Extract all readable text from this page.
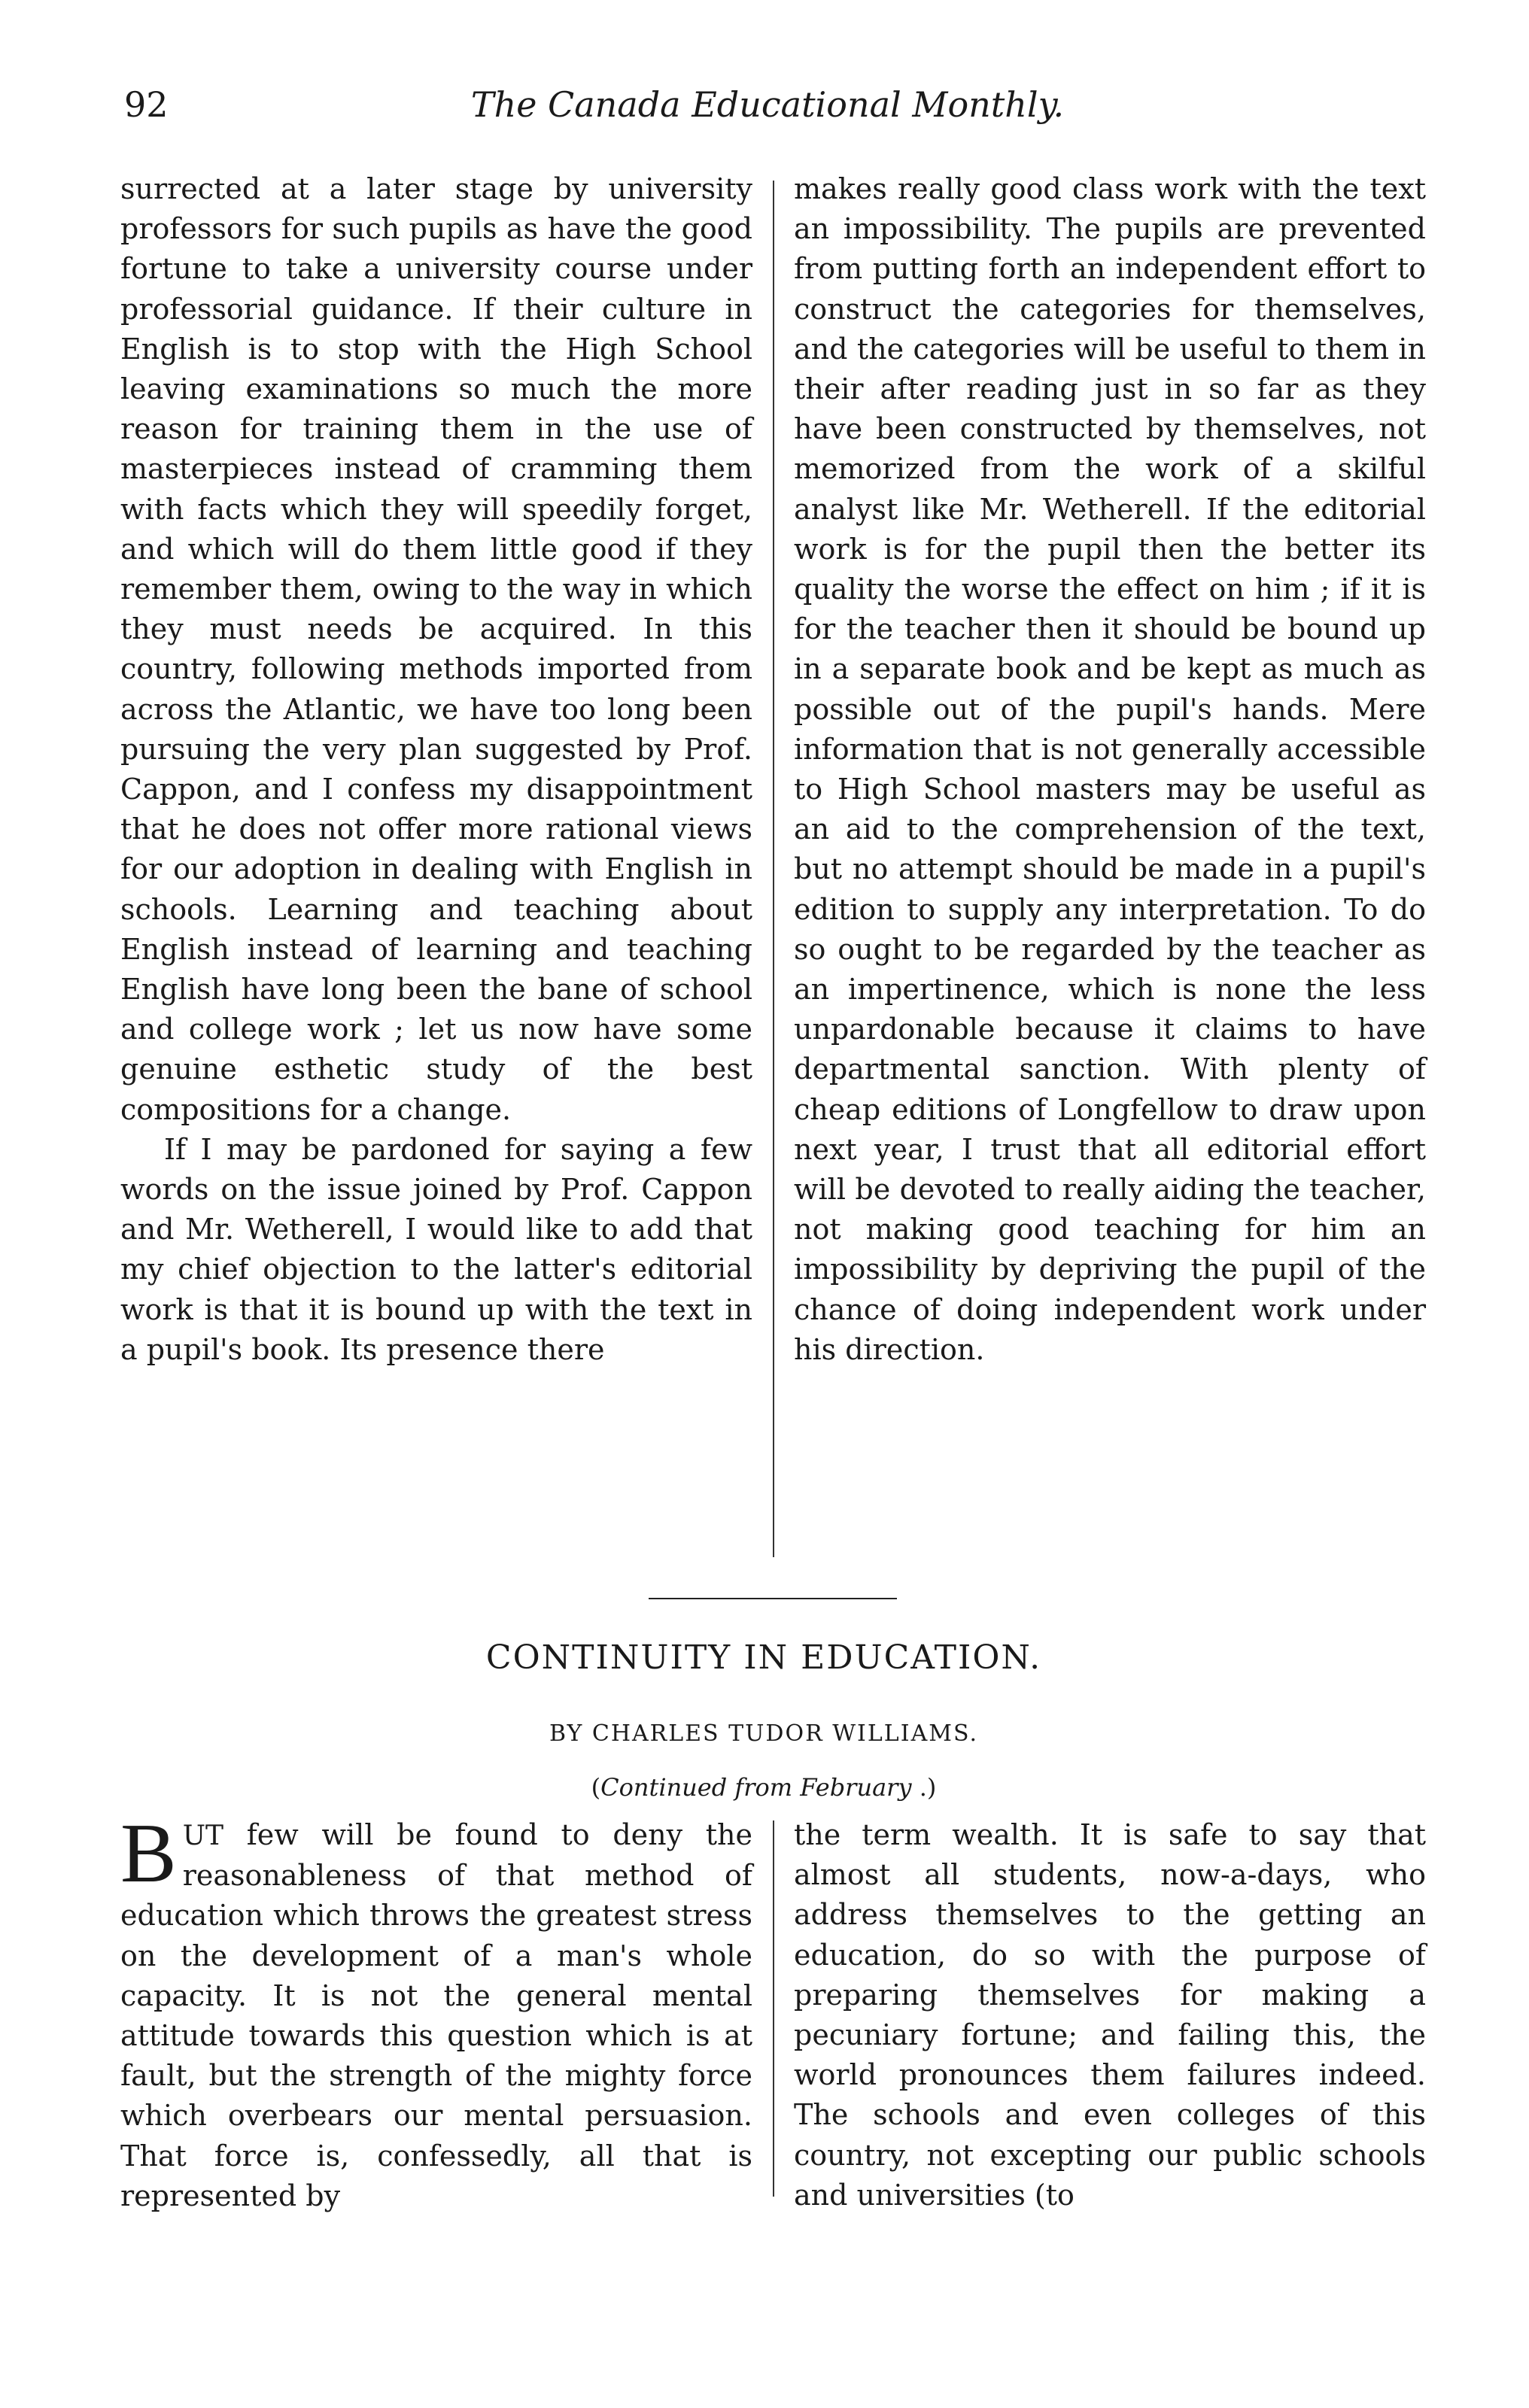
92	The Canada Educational Monthly.

surrected at a later stage by university professors for such pupils as have the good fortune to take a university course under professorial guidance. If their culture in English is to stop with the High School leaving examinations so much the more reason for training them in the use of masterpieces instead of cramming them with facts which they will speedily forget, and which will do them little good if they remember them, owing to the way in which they must needs be acquired. In this country, following methods imported from across the Atlantic, we have too long been pursuing the very plan suggested by Prof. Cappon, and I confess my disappointment that he does not offer more rational views for our adoption in dealing with English in schools. Learning and teaching about English instead of learning and teaching English have long been the bane of school and college work ; let us now have some genuine esthetic study of the best compositions for a change.

If I may be pardoned for saying a few words on the issue joined by Prof. Cappon and Mr. Wetherell, I would like to add that my chief objection to the latter's editorial work is that it is bound up with the text in a pupil's book. Its presence there

makes really good class work with the text an impossibility. The pupils are prevented from putting forth an independent effort to construct the categories for themselves, and the categories will be useful to them in their after reading just in so far as they have been constructed by themselves, not memorized from the work of a skilful analyst like Mr. Wetherell. If the editorial work is for the pupil then the better its quality the worse the effect on him ; if it is for the teacher then it should be bound up in a separate book and be kept as much as possible out of the pupil's hands. Mere information that is not generally accessible to High School masters may be useful as an aid to the comprehension of the text, but no attempt should be made in a pupil's edition to supply any interpretation. To do so ought to be regarded by the teacher as an impertinence, which is none the less unpardonable because it claims to have departmental sanction. With plenty of cheap editions of Longfellow to draw upon next year, I trust that all editorial effort will be devoted to really aiding the teacher, not making good teaching for him an impossibility by depriving the pupil of the chance of doing independent work under his direction.

CONTINUITY IN EDUCATION.
BY CHARLES TUDOR WILLIAMS.
(Continued from February .)

BUT few will be found to deny the reasonableness of that method of education which throws the greatest stress on the development of a man's whole capacity. It is not the general mental attitude towards this question which is at fault, but the strength of the mighty force which overbears our mental persuasion. That force is, confessedly, all that is represented by

the term wealth. It is safe to say that almost all students, now-a-days, who address themselves to the getting an education, do so with the purpose of preparing themselves for making a pecuniary fortune; and failing this, the world pronounces them failures indeed. The schools and even colleges of this country, not excepting our public schools and universities (to
